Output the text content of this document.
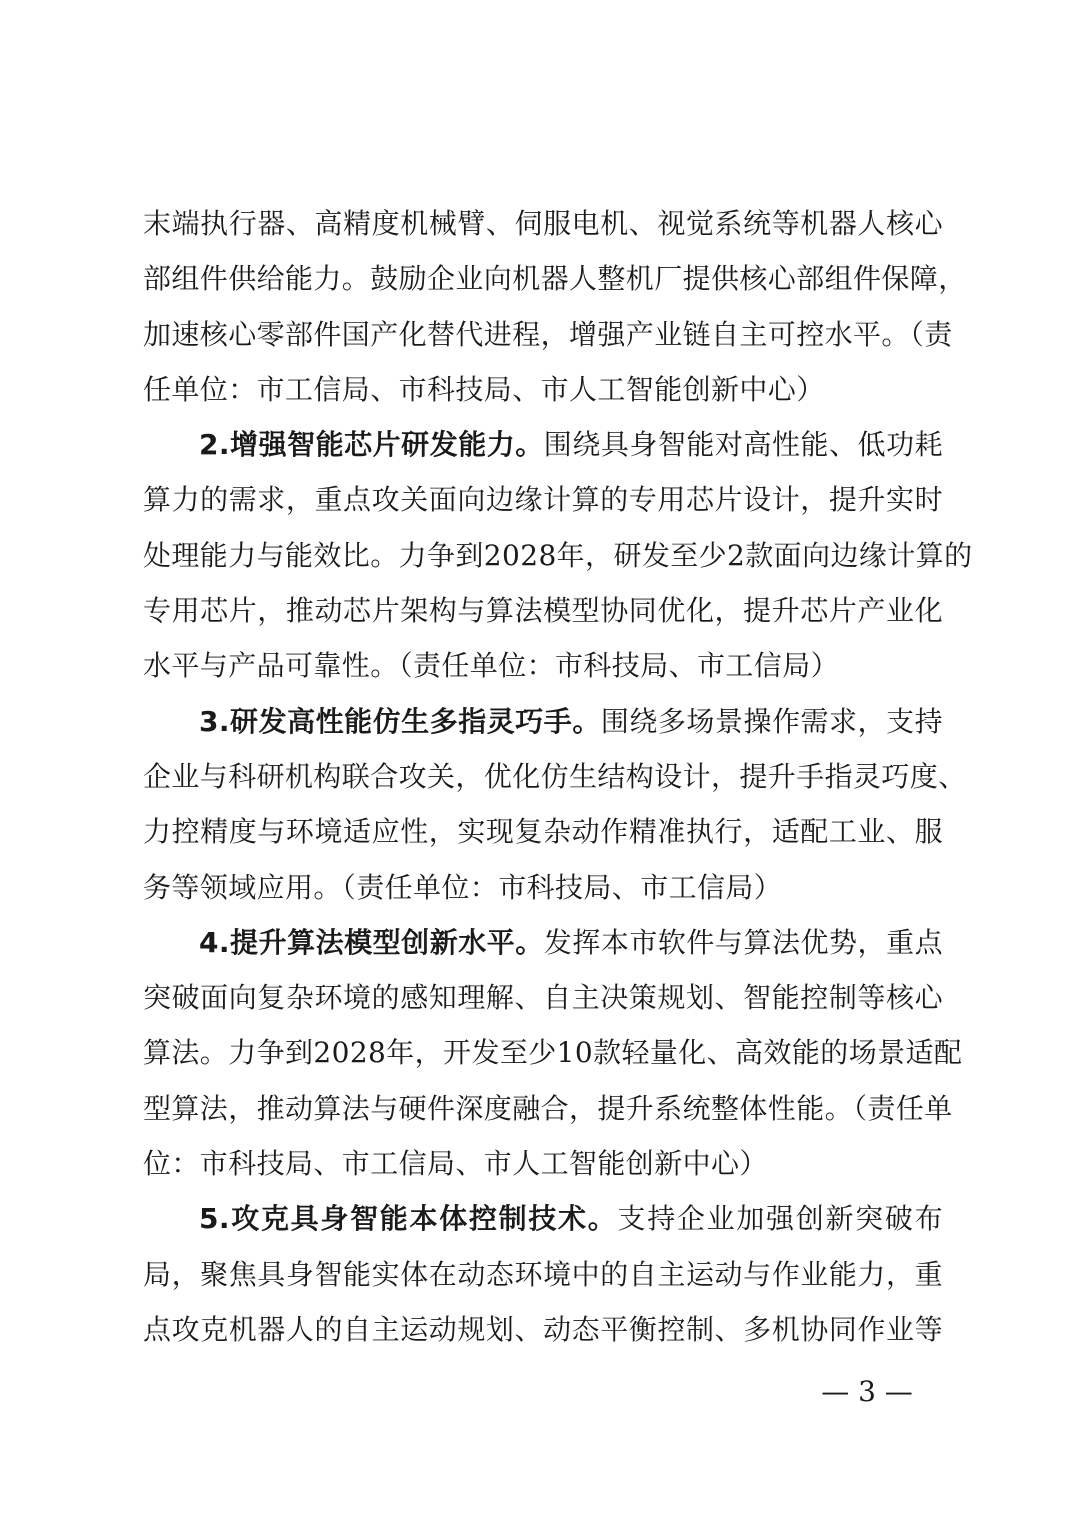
末端执行器、高精度机械臂、伺服电机、视觉系统等机器人核心
部组件供给能力。鼓励企业向机器人整机厂提供核心部组件保障，
加速核心零部件国产化替代进程，增强产业链自主可控水平。（责
任单位：市工信局、市科技局、市人工智能创新中心）
2.增强智能芯片研发能力。围绕具身智能对高性能、低功耗
算力的需求，重点攻关面向边缘计算的专用芯片设计，提升实时
处理能力与能效比。力争到2028年，研发至少2款面向边缘计算的
专用芯片，推动芯片架构与算法模型协同优化，提升芯片产业化
水平与产品可靠性。（责任单位：市科技局、市工信局）
3.研发高性能仿生多指灵巧手。围绕多场景操作需求，支持
企业与科研机构联合攻关，优化仿生结构设计，提升手指灵巧度、
力控精度与环境适应性，实现复杂动作精准执行，适配工业、服
务等领域应用。（责任单位：市科技局、市工信局）
4.提升算法模型创新水平。发挥本市软件与算法优势，重点
突破面向复杂环境的感知理解、自主决策规划、智能控制等核心
算法。力争到2028年，开发至少10款轻量化、高效能的场景适配
型算法，推动算法与硬件深度融合，提升系统整体性能。（责任单
位：市科技局、市工信局、市人工智能创新中心）
5.攻克具身智能本体控制技术。支持企业加强创新突破布
局，聚焦具身智能实体在动态环境中的自主运动与作业能力，重
点攻克机器人的自主运动规划、动态平衡控制、多机协同作业等
— 3 —
